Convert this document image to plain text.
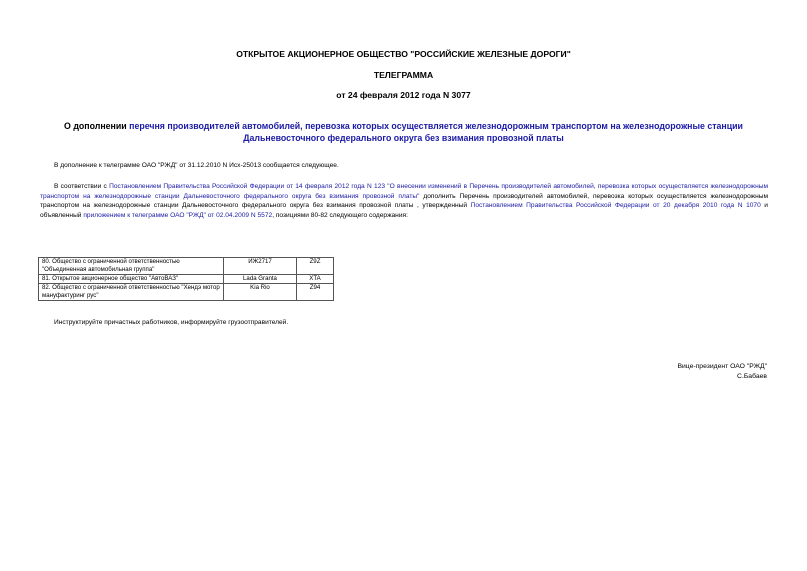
ОТКРЫТОЕ АКЦИОНЕРНОЕ ОБЩЕСТВО "РОССИЙСКИЕ ЖЕЛЕЗНЫЕ ДОРОГИ"
ТЕЛЕГРАММА
от 24 февраля 2012 года N 3077
О дополнении перечня производителей автомобилей, перевозка которых осуществляется железнодорожным транспортом на железнодорожные станции Дальневосточного федерального округа без взимания провозной платы
В дополнение к телеграмме ОАО "РЖД" от 31.12.2010 N Исх-25013 сообщается следующее.
В соответствии с Постановлением Правительства Российской Федерации от 14 февраля 2012 года N 123 "О внесении изменений в Перечень производителей автомобилей, перевозка которых осуществляется железнодорожным транспортом на железнодорожные станции Дальневосточного федерального округа без взимания провозной платы" дополнить Перечень производителей автомобилей, перевозка которых осуществляется железнодорожным транспортом на железнодорожные станции Дальневосточного федерального округа без взимания провозной платы , утвержденный Постановлением Правительства Российской Федерации от 20 декабря 2010 года N 1070 и объявленный приложением к телеграмме ОАО "РЖД" от 02.04.2009 N 5572, позициями 80-82 следующего содержания:
80. Общество с ограниченной ответственностью "Объединенная автомобильная группа"	ИЖ2717	Z9Z
81. Открытое акционерное общество "АвтоВАЗ"	Lada Granta	XTA
82. Общество с ограниченной ответственностью "Хендэ мотор мануфактуринг рус"	Kia Rio	Z94
Инструктируйте причастных работников, информируйте грузоотправителей.
Вице-президент ОАО "РЖД"
С.Бабаев
